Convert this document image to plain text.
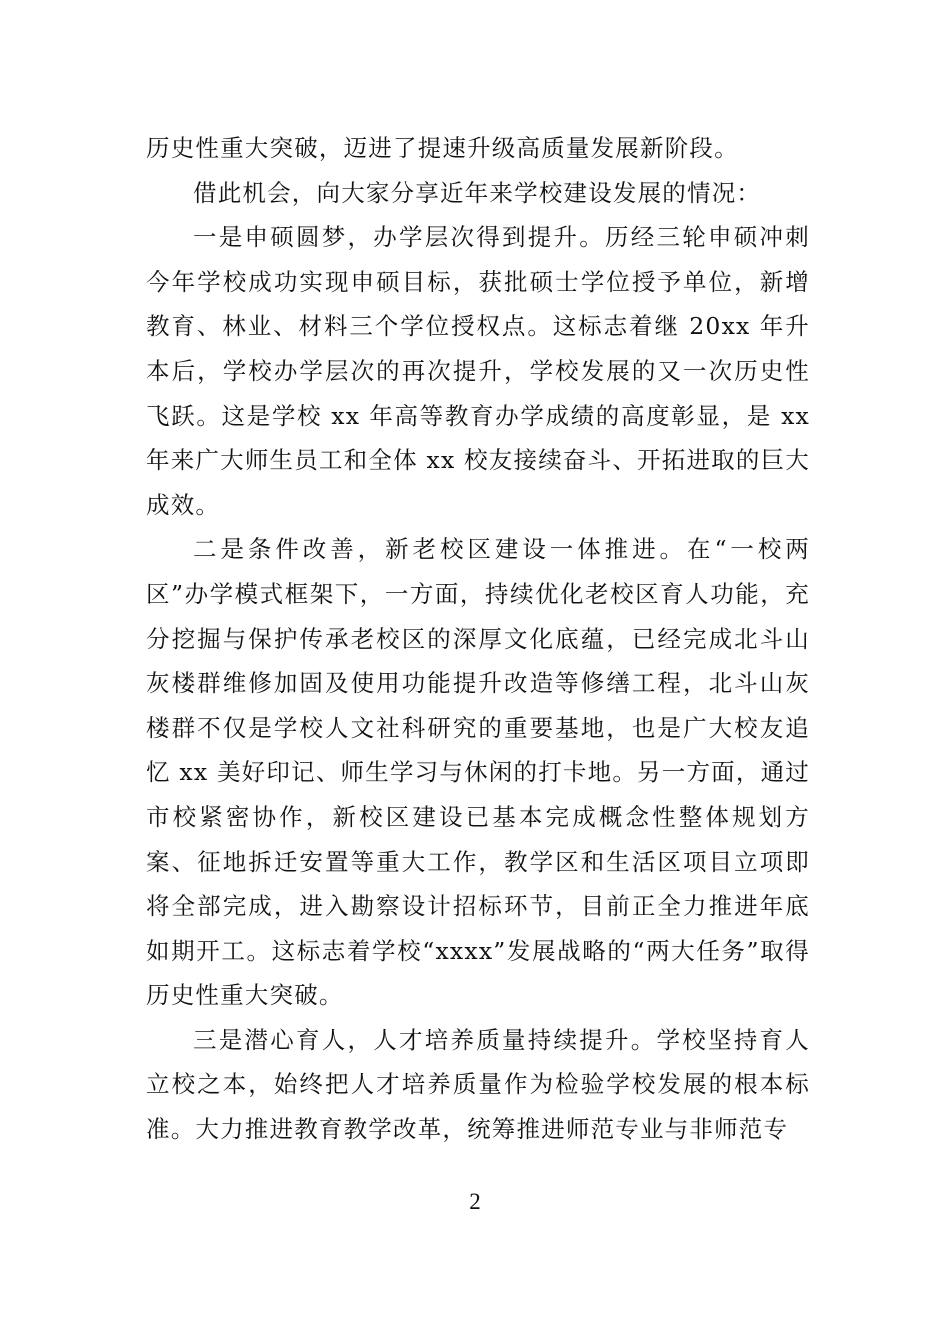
历史性重大突破，迈进了提速升级高质量发展新阶段。

借此机会，向大家分享近年来学校建设发展的情况：

一是申硕圆梦，办学层次得到提升。历经三轮申硕冲刺今年学校成功实现申硕目标，获批硕士学位授予单位，新增教育、林业、材料三个学位授权点。这标志着继 20xx 年升本后，学校办学层次的再次提升，学校发展的又一次历史性飞跃。这是学校 xx 年高等教育办学成绩的高度彰显，是 xx 年来广大师生员工和全体 xx 校友接续奋斗、开拓进取的巨大成效。

二是条件改善，新老校区建设一体推进。在“一校两区”办学模式框架下，一方面，持续优化老校区育人功能，充分挖掘与保护传承老校区的深厚文化底蕴，已经完成北斗山灰楼群维修加固及使用功能提升改造等修缮工程，北斗山灰楼群不仅是学校人文社科研究的重要基地，也是广大校友追忆 xx 美好印记、师生学习与休闲的打卡地。另一方面，通过市校紧密协作，新校区建设已基本完成概念性整体规划方案、征地拆迁安置等重大工作，教学区和生活区项目立项即将全部完成，进入勘察设计招标环节，目前正全力推进年底如期开工。这标志着学校“xxxx”发展战略的“两大任务”取得历史性重大突破。

三是潜心育人，人才培养质量持续提升。学校坚持育人立校之本，始终把人才培养质量作为检验学校发展的根本标准。大力推进教育教学改革，统筹推进师范专业与非师范专

2
